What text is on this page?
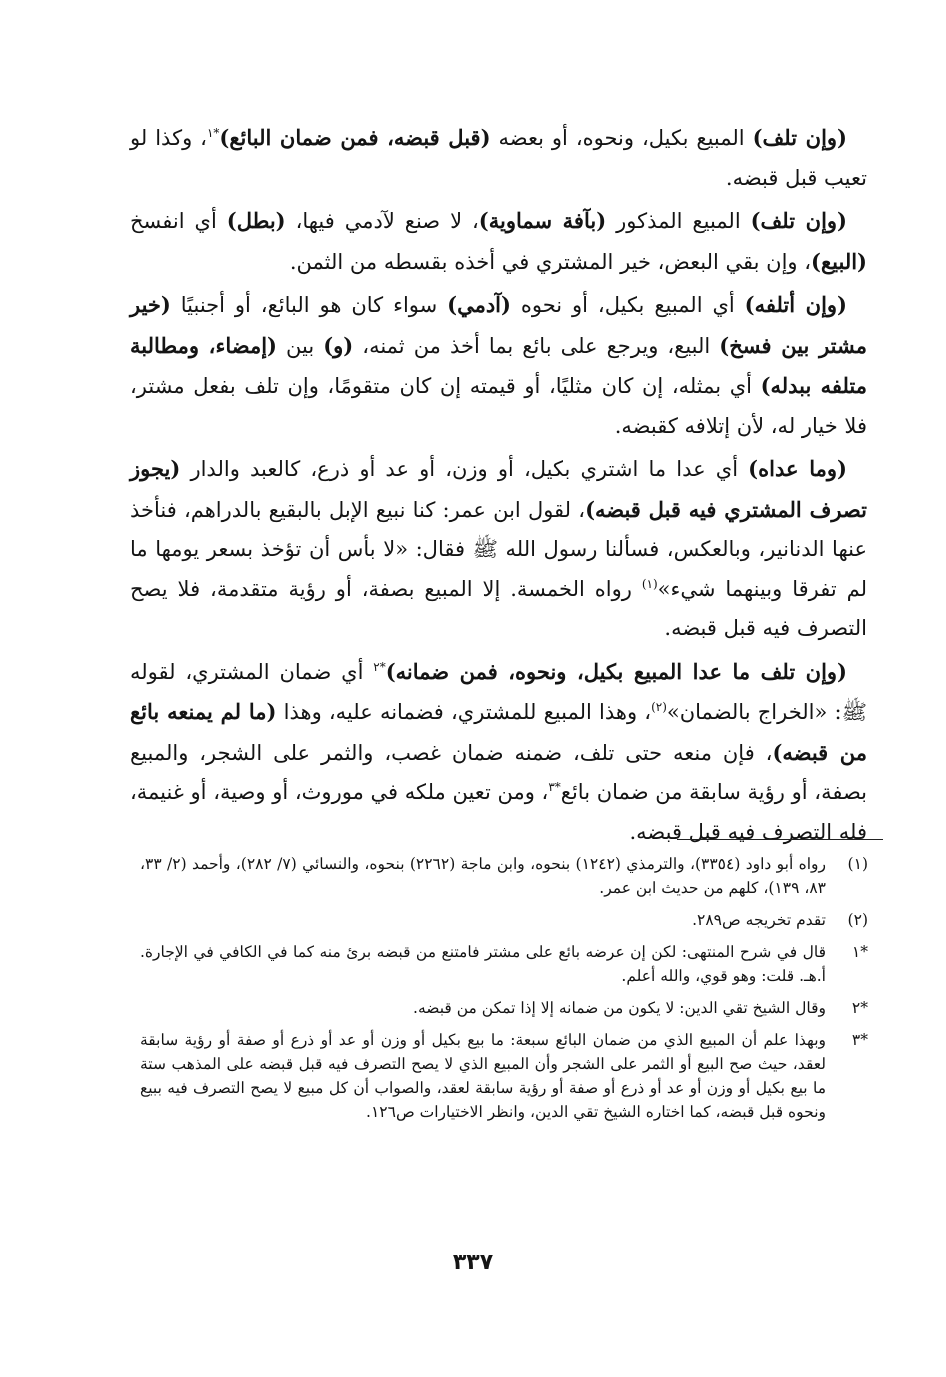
(وإن تلف) المبيع بكيل، ونحوه، أو بعضه (قبل قبضه، فمن ضمان البائع)$^{*١}$، وكذا لو تعيب قبل قبضه.

(وإن تلف) المبيع المذكور (بآفة سماوية)، لا صنع لآدمي فيها، (بطل) أي انفسخ (البيع)، وإن بقي البعض، خير المشتري في أخذه بقسطه من الثمن.

(وإن أتلفه) أي المبيع بكيل، أو نحوه (آدمي) سواء كان هو البائع، أو أجنبيًا (خير مشتر بين فسخ) البيع، ويرجع على بائع بما أخذ من ثمنه، (و) بين (إمضاء، ومطالبة متلفه ببدله) أي بمثله، إن كان مثليًا، أو قيمته إن كان متقومًا، وإن تلف بفعل مشتر، فلا خيار له، لأن إتلافه كقبضه.

(وما عداه) أي عدا ما اشتري بكيل، أو وزن، أو عد أو ذرع، كالعبد والدار (يجوز تصرف المشتري فيه قبل قبضه)، لقول ابن عمر: كنا نبيع الإبل بالبقيع بالدراهم، فنأخذ عنها الدنانير، وبالعكس، فسألنا رسول الله ﷺ فقال: «لا بأس أن تؤخذ بسعر يومها ما لم تفرقا وبينهما شيء»$^{(١)}$ رواه الخمسة. إلا المبيع بصفة، أو رؤية متقدمة، فلا يصح التصرف فيه قبل قبضه.

(وإن تلف ما عدا المبيع بكيل، ونحوه، فمن ضمانه)$^{*٢}$ أي ضمان المشتري، لقوله ﷺ: «الخراج بالضمان»$^{(٢)}$، وهذا المبيع للمشتري، فضمانه عليه، وهذا (ما لم يمنعه بائع من قبضه)، فإن منعه حتى تلف، ضمنه ضمان غصب، والثمر على الشجر، والمبيع بصفة، أو رؤية سابقة من ضمان بائع$^{*٣}$، ومن تعين ملكه في موروث، أو وصية، أو غنيمة، فله التصرف فيه قبل قبضه.

(١)
رواه أبو داود (٣٣٥٤)، والترمذي (١٢٤٢) بنحوه، وابن ماجة (٢٢٦٢) بنحوه، والنسائي (٧/ ٢٨٢)، وأحمد (٢/ ٣٣، ٨٣، ١٣٩)، كلهم من حديث ابن عمر.
(٢)
تقدم تخريجه ص٢٨٩.
*١
قال في شرح المنتهى: لكن إن عرضه بائع على مشتر فامتنع من قبضه برئ منه كما في الكافي في الإجارة. أ.هـ. قلت: وهو قوي، والله أعلم.
*٢
وقال الشيخ تقي الدين: لا يكون من ضمانه إلا إذا تمكن من قبضه.
*٣
وبهذا علم أن المبيع الذي من ضمان البائع سبعة: ما بيع بكيل أو وزن أو عد أو ذرع أو صفة أو رؤية سابقة لعقد، حيث صح البيع أو الثمر على الشجر وأن المبيع الذي لا يصح التصرف فيه قبل قبضه على المذهب ستة ما بيع بكيل أو وزن أو عد أو ذرع أو صفة أو رؤية سابقة لعقد، والصواب أن كل مبيع لا يصح التصرف فيه ببيع ونحوه قبل قبضه، كما اختاره الشيخ تقي الدين، وانظر الاختيارات ص١٢٦.
٣٣٧
